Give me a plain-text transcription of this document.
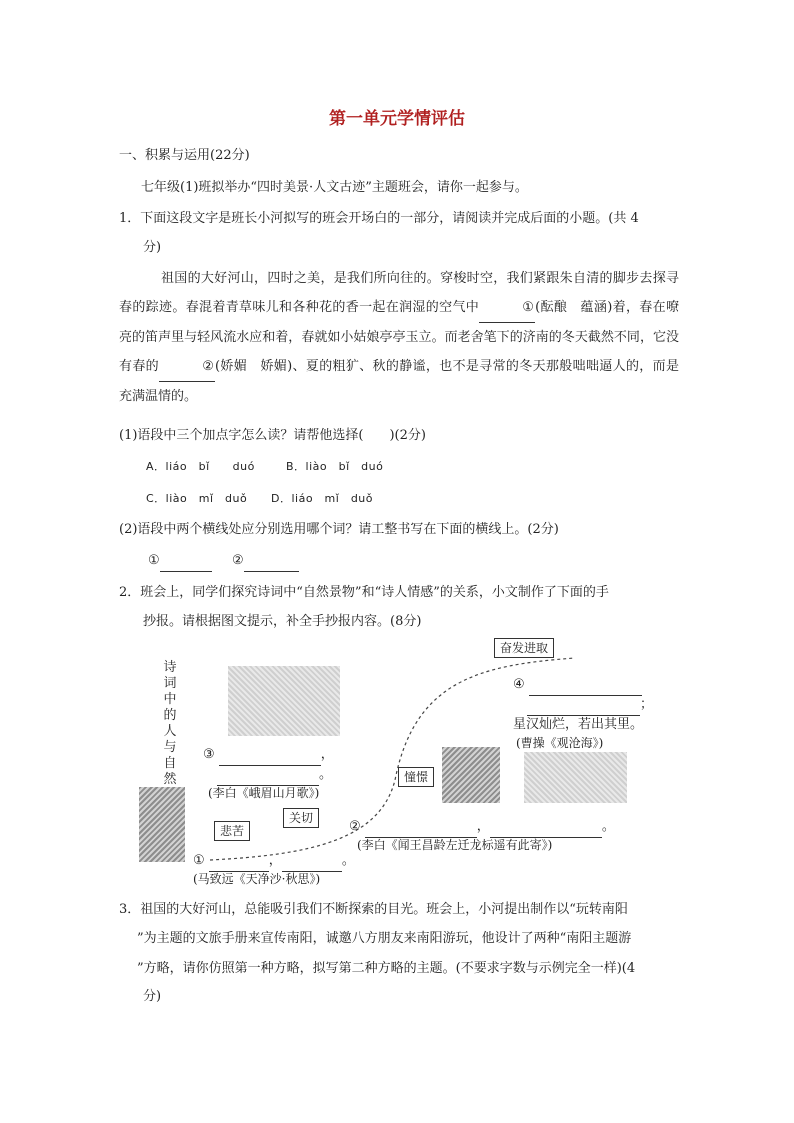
第一单元学情评估
一、积累与运用(22分)
七年级(1)班拟举办“四时美景·人文古迹”主题班会，请你一起参与。
1．下面这段文字是班长小河拟写的班会开场白的一部分，请阅读并完成后面的小题。(共 4
分)
祖国的大好河山，四时之美，是我们所向往的。穿梭时空，我们紧跟朱自清的脚步去探寻春的踪迹。春混着青草味儿和各种花的香一起在润湿的空气中	①(酝酿　蕴涵)着，春在嘹亮的笛声里与轻风流水应和着，春就如小姑娘亭亭玉立。而老舍笔下的济南的冬天截然不同，它没有春的	②(娇媚　娇媚)、夏的粗犷、秋的静谧，也不是寻常的冬天那般咄咄逼人的，而是充满温情的。
(1)语段中三个加点字怎么读？请帮他选择(　　)(2分)
A．liáo　bǐ　　duó	B．liào　bǐ　duó
C．liào　mǐ　duǒ D．liáo　mǐ　duǒ
(2)语段中两个横线处应分别选用哪个词？请工整书写在下面的横线上。(2分)
①	②
2．班会上，同学们探究诗词中“自然景物”和“诗人情感”的关系，小文制作了下面的手
抄报。请根据图文提示，补全手抄报内容。(8分)
诗
词
中
的
人
与
自
然
悲苦
关切
憧憬
奋发进取
③	，
。
(李白《峨眉山月歌》)
④
；
星汉灿烂，若出其里。
(曹操《观沧海》)
②	，	。
(李白《闻王昌龄左迁龙标遥有此寄》)
①	，	。
(马致远《天净沙·秋思》)
3．祖国的大好河山，总能吸引我们不断探索的目光。班会上，小河提出制作以“玩转南阳
”为主题的文旅手册来宣传南阳，诚邀八方朋友来南阳游玩，他设计了两种“南阳主题游
”方略，请你仿照第一种方略，拟写第二种方略的主题。(不要求字数与示例完全一样)(4
分)
